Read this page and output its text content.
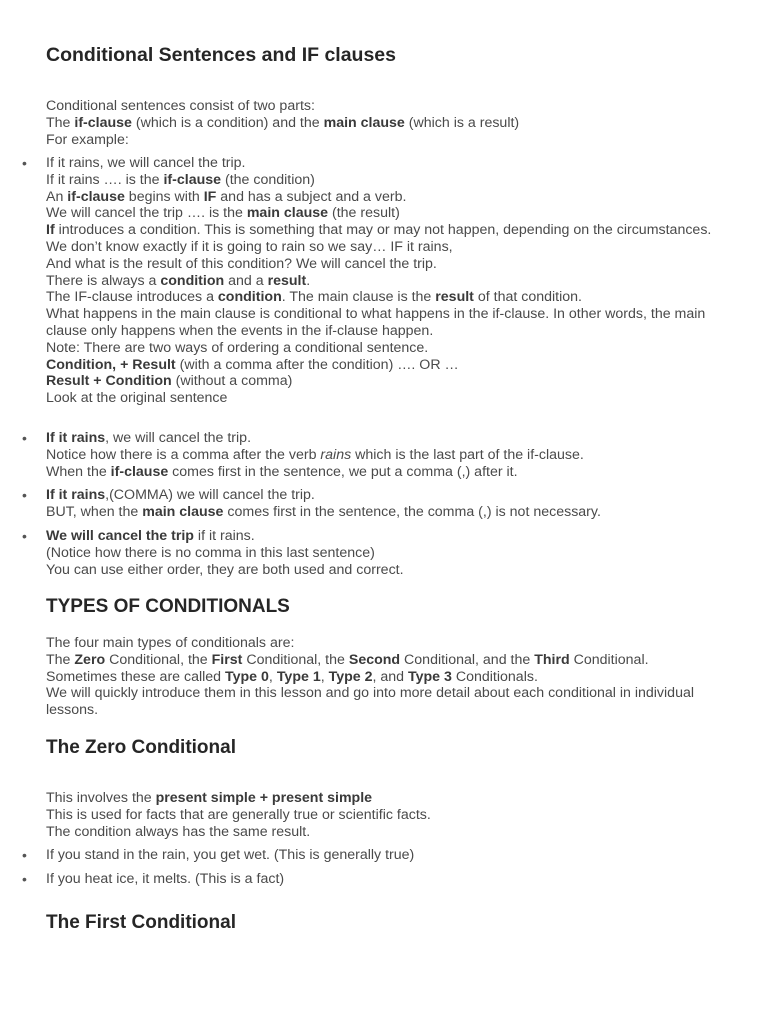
Conditional Sentences and IF clauses
Conditional sentences consist of two parts:
The if-clause (which is a condition) and the main clause (which is a result)
For example:
• If it rains, we will cancel the trip.
If it rains …. is the if-clause (the condition)
An if-clause begins with IF and has a subject and a verb.
We will cancel the trip …. is the main clause (the result)
If introduces a condition. This is something that may or may not happen, depending on the circumstances.
We don’t know exactly if it is going to rain so we say… IF it rains,
And what is the result of this condition? We will cancel the trip.
There is always a condition and a result.
The IF-clause introduces a condition. The main clause is the result of that condition.
What happens in the main clause is conditional to what happens in the if-clause. In other words, the main clause only happens when the events in the if-clause happen.
Note: There are two ways of ordering a conditional sentence.
Condition, + Result (with a comma after the condition) …. OR …
Result + Condition (without a comma)
Look at the original sentence
• If it rains, we will cancel the trip.
Notice how there is a comma after the verb rains which is the last part of the if-clause.
When the if-clause comes first in the sentence, we put a comma (,) after it.
• If it rains,(COMMA) we will cancel the trip.
BUT, when the main clause comes first in the sentence, the comma (,) is not necessary.
• We will cancel the trip if it rains.
(Notice how there is no comma in this last sentence)
You can use either order, they are both used and correct.
TYPES OF CONDITIONALS
The four main types of conditionals are:
The Zero Conditional, the First Conditional, the Second Conditional, and the Third Conditional.
Sometimes these are called Type 0, Type 1, Type 2, and Type 3 Conditionals.
We will quickly introduce them in this lesson and go into more detail about each conditional in individual lessons.
The Zero Conditional
This involves the present simple + present simple
This is used for facts that are generally true or scientific facts.
The condition always has the same result.
• If you stand in the rain, you get wet. (This is generally true)
• If you heat ice, it melts. (This is a fact)
The First Conditional
